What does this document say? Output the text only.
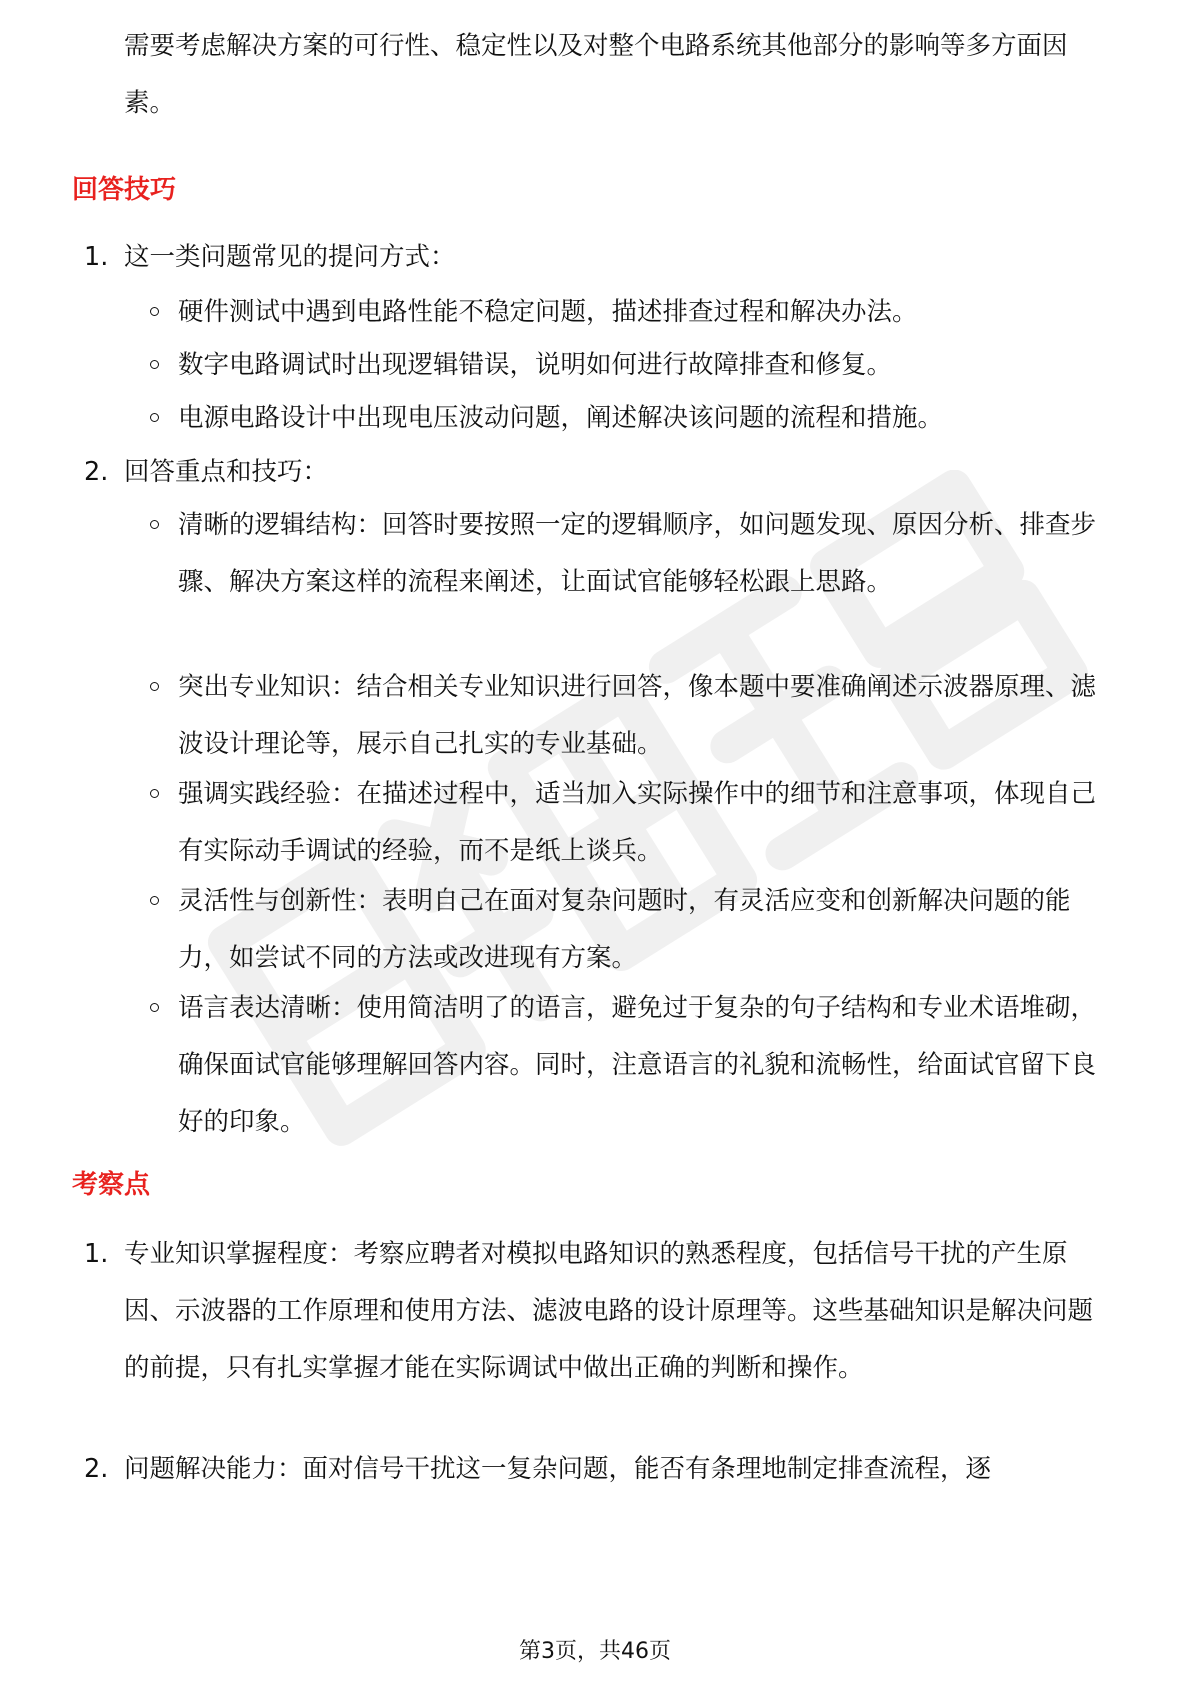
需要考虑解决方案的可行性、稳定性以及对整个电路系统其他部分的影响等多方面因素。

回答技巧
1. 这一类问题常见的提问方式：
硬件测试中遇到电路性能不稳定问题，描述排查过程和解决办法。
数字电路调试时出现逻辑错误，说明如何进行故障排查和修复。
电源电路设计中出现电压波动问题，阐述解决该问题的流程和措施。
2. 回答重点和技巧：
清晰的逻辑结构：回答时要按照一定的逻辑顺序，如问题发现、原因分析、排查步骤、解决方案这样的流程来阐述，让面试官能够轻松跟上思路。
突出专业知识：结合相关专业知识进行回答，像本题中要准确阐述示波器原理、滤波设计理论等，展示自己扎实的专业基础。
强调实践经验：在描述过程中，适当加入实际操作中的细节和注意事项，体现自己有实际动手调试的经验，而不是纸上谈兵。
灵活性与创新性：表明自己在面对复杂问题时，有灵活应变和创新解决问题的能力，如尝试不同的方法或改进现有方案。
语言表达清晰：使用简洁明了的语言，避免过于复杂的句子结构和专业术语堆砌，确保面试官能够理解回答内容。同时，注意语言的礼貌和流畅性，给面试官留下良好的印象。
考察点
1. 专业知识掌握程度：考察应聘者对模拟电路知识的熟悉程度，包括信号干扰的产生原因、示波器的工作原理和使用方法、滤波电路的设计原理等。这些基础知识是解决问题的前提，只有扎实掌握才能在实际调试中做出正确的判断和操作。
2. 问题解决能力：面对信号干扰这一复杂问题，能否有条理地制定排查流程，逐
第3页，共46页
